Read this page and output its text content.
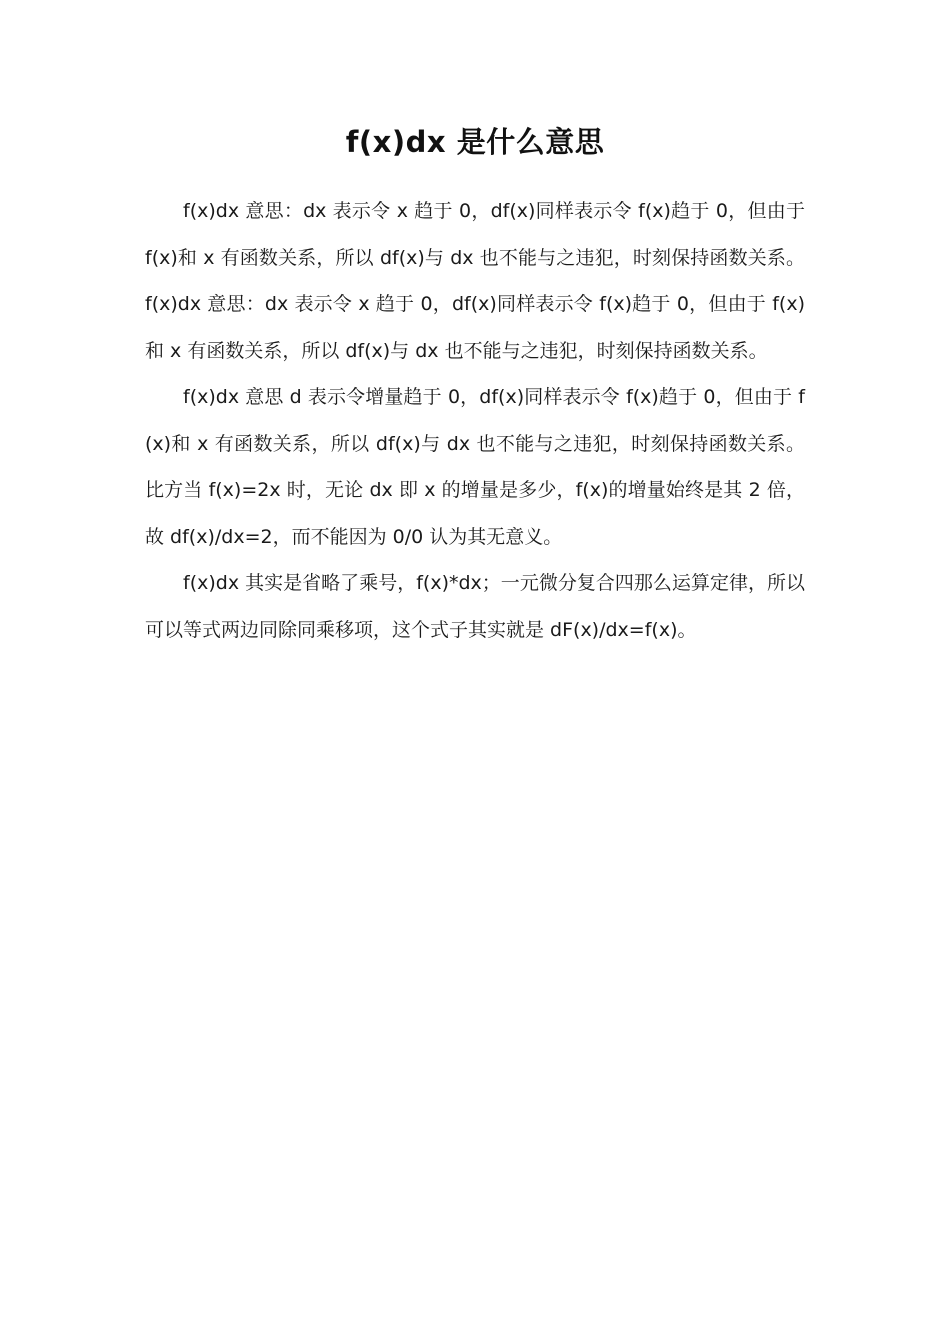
f(x)dx 是什么意思

f(x)dx 意思：dx 表示令 x 趋于 0，df(x)同样表示令 f(x)趋于 0，但由于 f(x)和 x 有函数关系，所以 df(x)与 dx 也不能与之违犯，时刻保持函数关系。f(x)dx 意思：dx 表示令 x 趋于 0，df(x)同样表示令 f(x)趋于 0，但由于 f(x)和 x 有函数关系，所以 df(x)与 dx 也不能与之违犯，时刻保持函数关系。

f(x)dx 意思 d 表示令增量趋于 0，df(x)同样表示令 f(x)趋于 0，但由于 f(x)和 x 有函数关系，所以 df(x)与 dx 也不能与之违犯，时刻保持函数关系。比方当 f(x)=2x 时，无论 dx 即 x 的增量是多少，f(x)的增量始终是其 2 倍，故 df(x)/dx=2，而不能因为 0/0 认为其无意义。

f(x)dx 其实是省略了乘号，f(x)*dx；一元微分复合四那么运算定律，所以可以等式两边同除同乘移项，这个式子其实就是 dF(x)/dx=f(x)。
